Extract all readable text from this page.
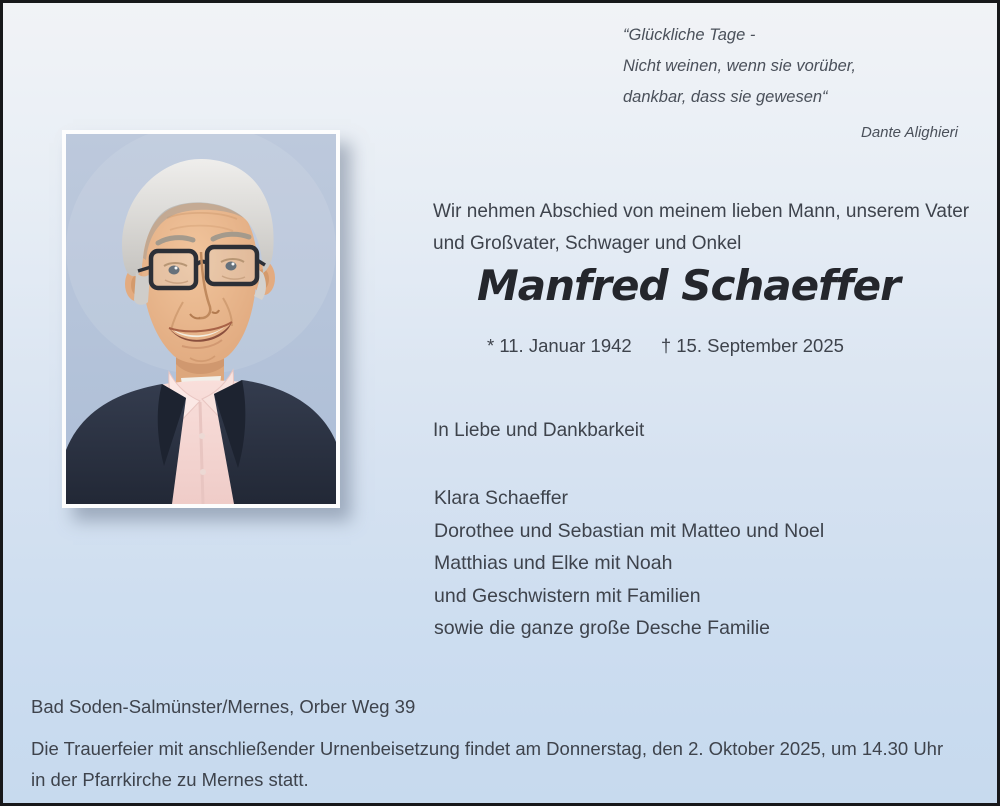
“Glückliche Tage -
Nicht weinen, wenn sie vorüber,
dankbar, dass sie gewesen“
Dante Alighieri
Wir nehmen Abschied von meinem lieben Mann, unserem Vater
und Großvater, Schwager und Onkel
Manfred Schaeffer
* 11. Januar 1942 † 15. September 2025
In Liebe und Dankbarkeit
Klara Schaeffer
Dorothee und Sebastian mit Matteo und Noel
Matthias und Elke mit Noah
und Geschwistern mit Familien
sowie die ganze große Desche Familie
Bad Soden-Salmünster/Mernes, Orber Weg 39
Die Trauerfeier mit anschließender Urnenbeisetzung findet am Donnerstag, den 2. Oktober 2025, um 14.30 Uhr
in der Pfarrkirche zu Mernes statt.
